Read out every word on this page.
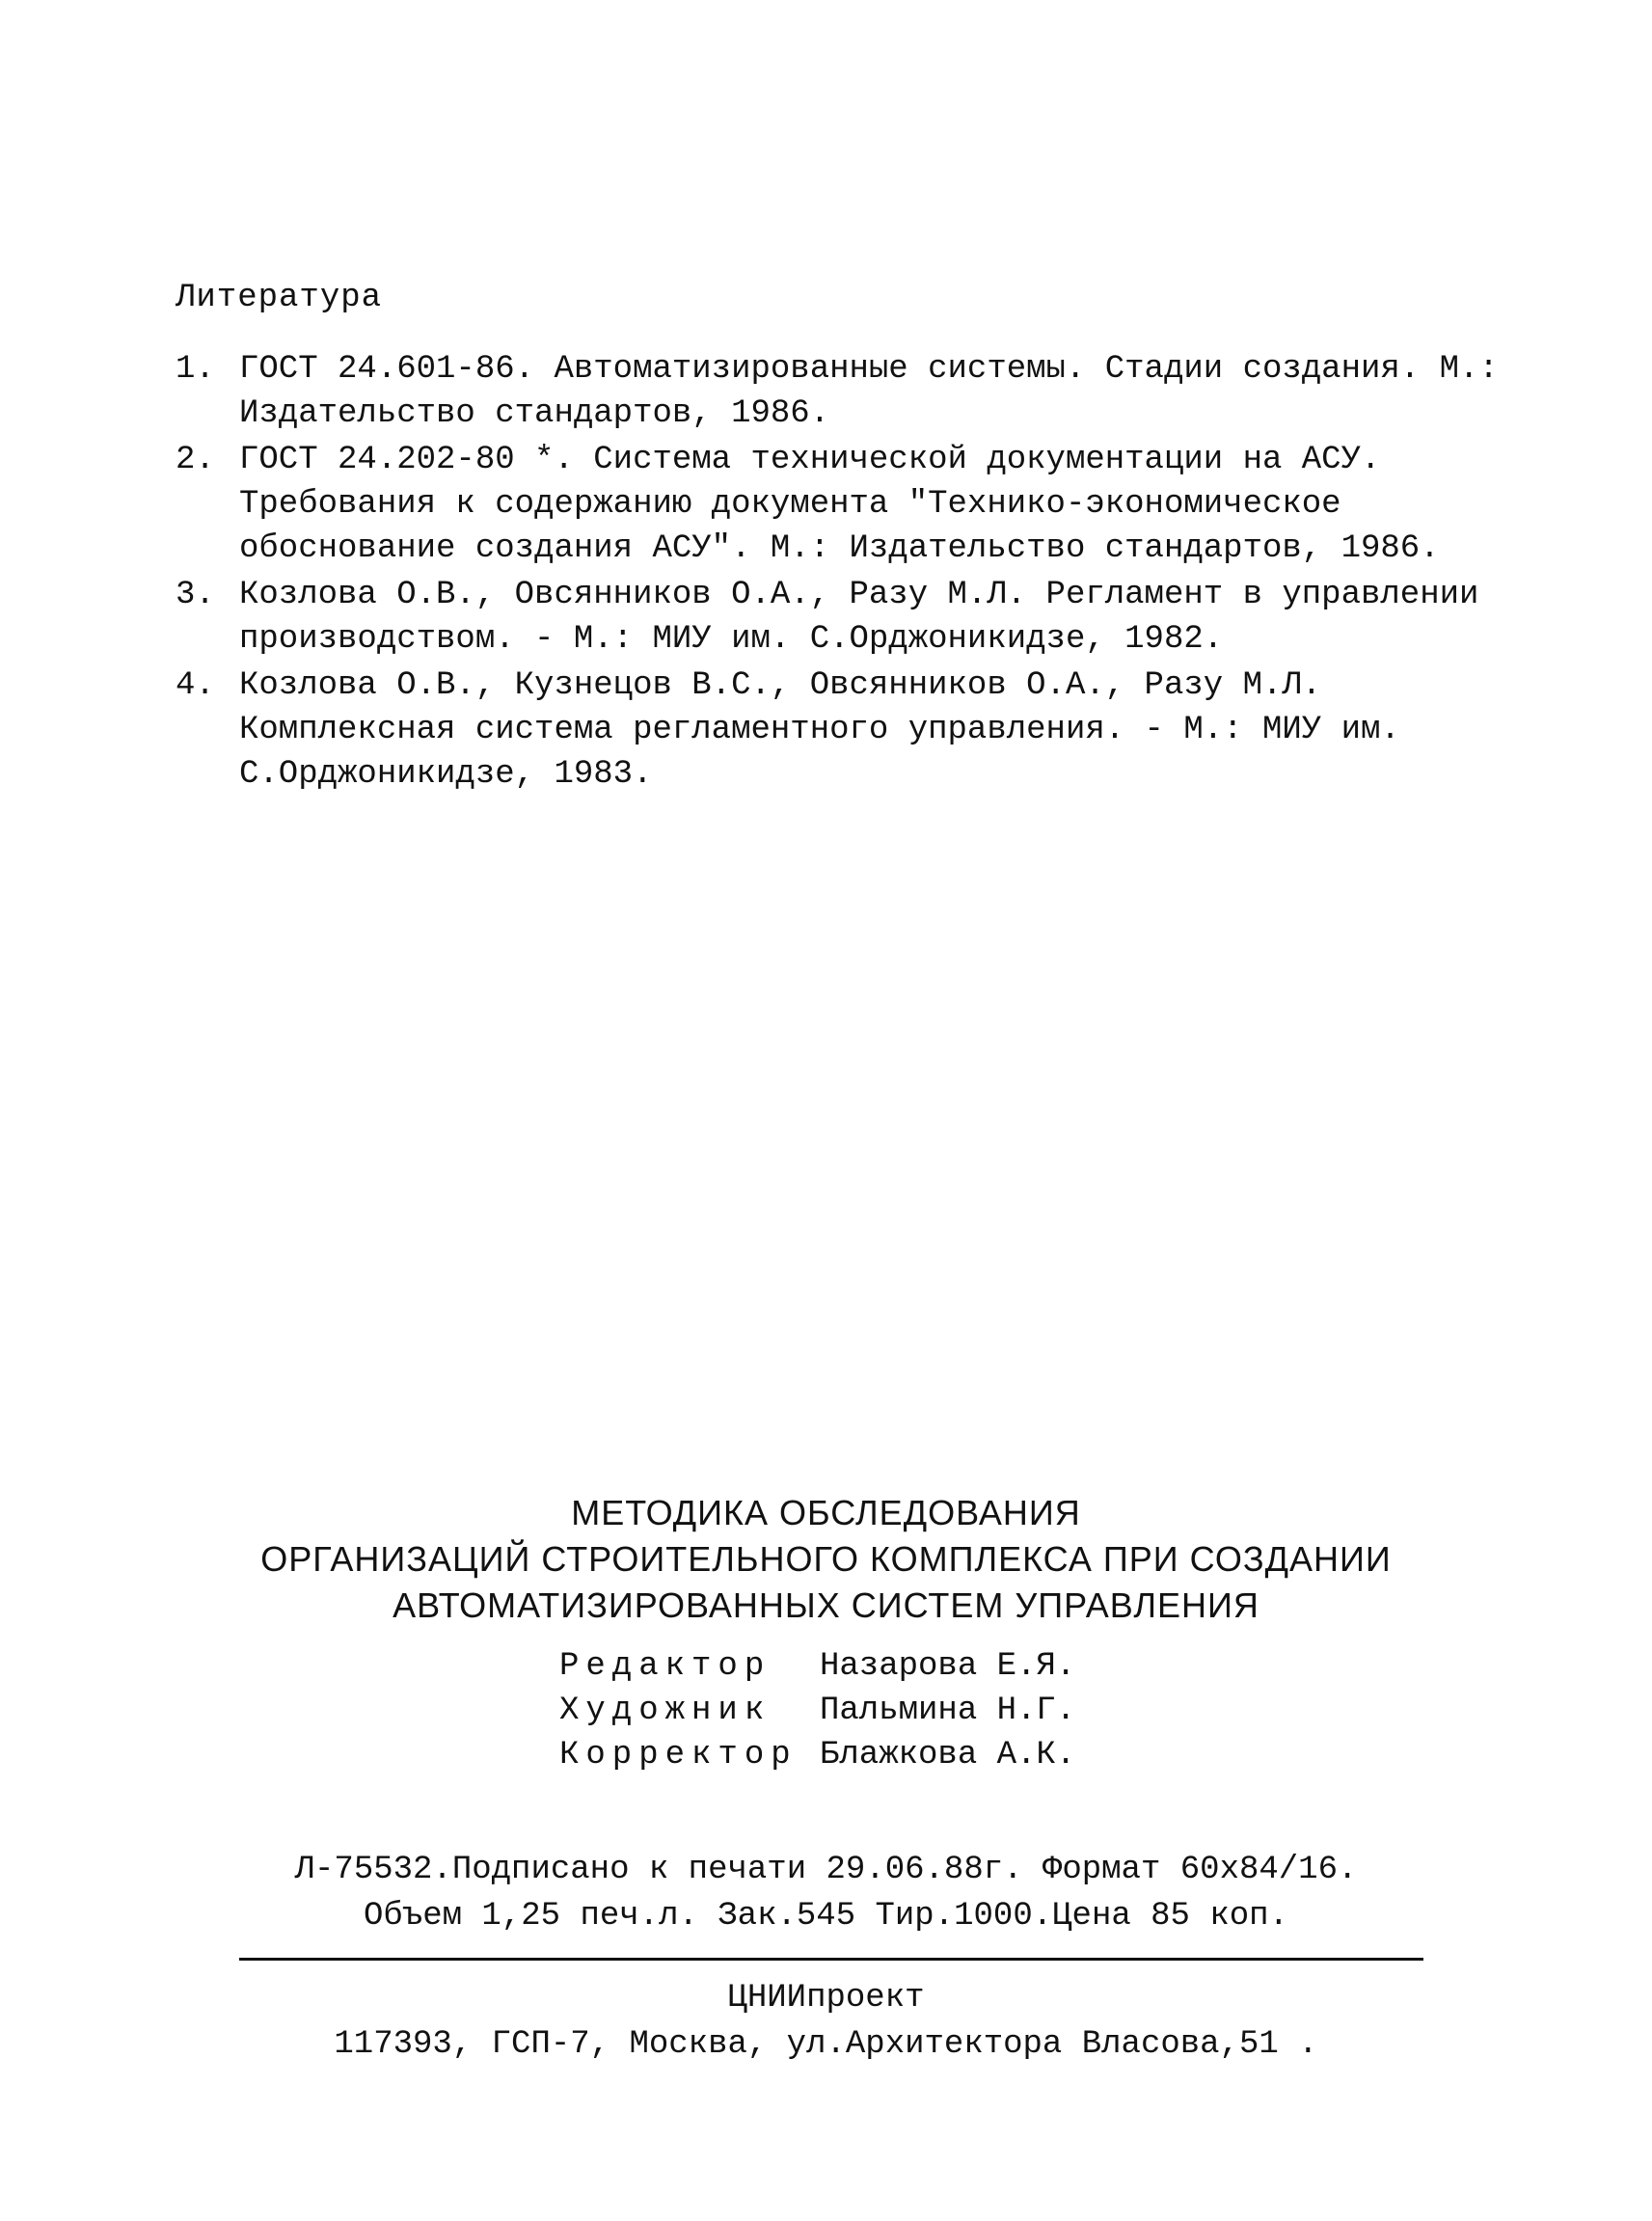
Литература
1. ГОСТ 24.601-86. Автоматизированные системы. Стадии создания. М.: Издательство стандартов, 1986.
2. ГОСТ 24.202-80 *. Система технической документации на АСУ. Требования к содержанию документа "Технико-экономическое обоснование создания АСУ". М.: Издательство стандартов, 1986.
3. Козлова О.В., Овсянников О.А., Разу М.Л. Регламент в управлении производством. - М.: МИУ им. С.Орджоникидзе, 1982.
4. Козлова О.В., Кузнецов В.С., Овсянников О.А., Разу М.Л. Комплексная система регламентного управления. - М.: МИУ им. С.Орджоникидзе, 1983.
МЕТОДИКА ОБСЛЕДОВАНИЯ
ОРГАНИЗАЦИЙ СТРОИТЕЛЬНОГО КОМПЛЕКСА ПРИ СОЗДАНИИ
АВТОМАТИЗИРОВАННЫХ СИСТЕМ УПРАВЛЕНИЯ
Редактор	Назарова Е.Я.
Художник	Пальмина Н.Г.
Корректор Блажкова А.К.
Л-75532.Подписано к печати 29.06.88г. Формат 60х84/16.
Объем 1,25 печ.л. Зак.545 Тир.1000.Цена 85 коп.
ЦНИИпроект
117393, ГСП-7, Москва, ул.Архитектора Власова,51 .
